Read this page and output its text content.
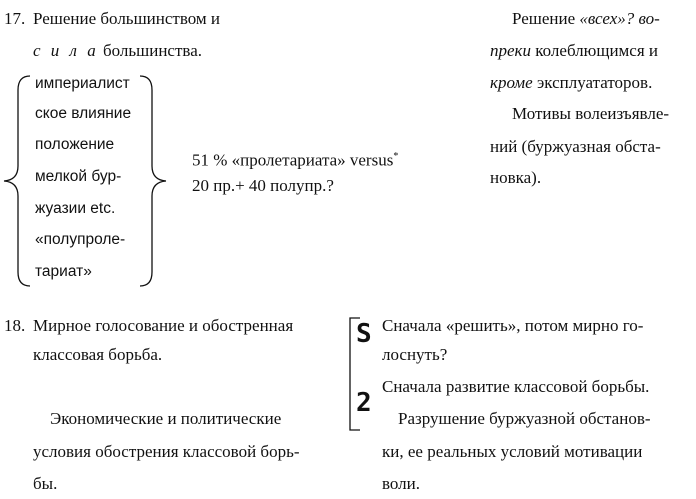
17. Решение большинством и
с и л а большинства.
империалист
ское влияние
положение
мелкой бур-
жуазии etc.
«полупроле-
тариат»
51 % «пролетариата» versus*
20 пр.+ 40 полупр.?
Решение «всех»? во-
преки колеблющимся и
кроме эксплуататоров.
Мотивы волеизъявле-
ний (буржуазная обста-
новка).
18. Мирное голосование и обостренная
классовая борьба.
Экономические и политические
условия обострения классовой борь-
бы.
S
2
Сначала «решить», потом мирно го-
лоснуть?
Сначала развитие классовой борьбы.
Разрушение буржуазной обстанов-
ки, ее реальных условий мотивации
воли.
